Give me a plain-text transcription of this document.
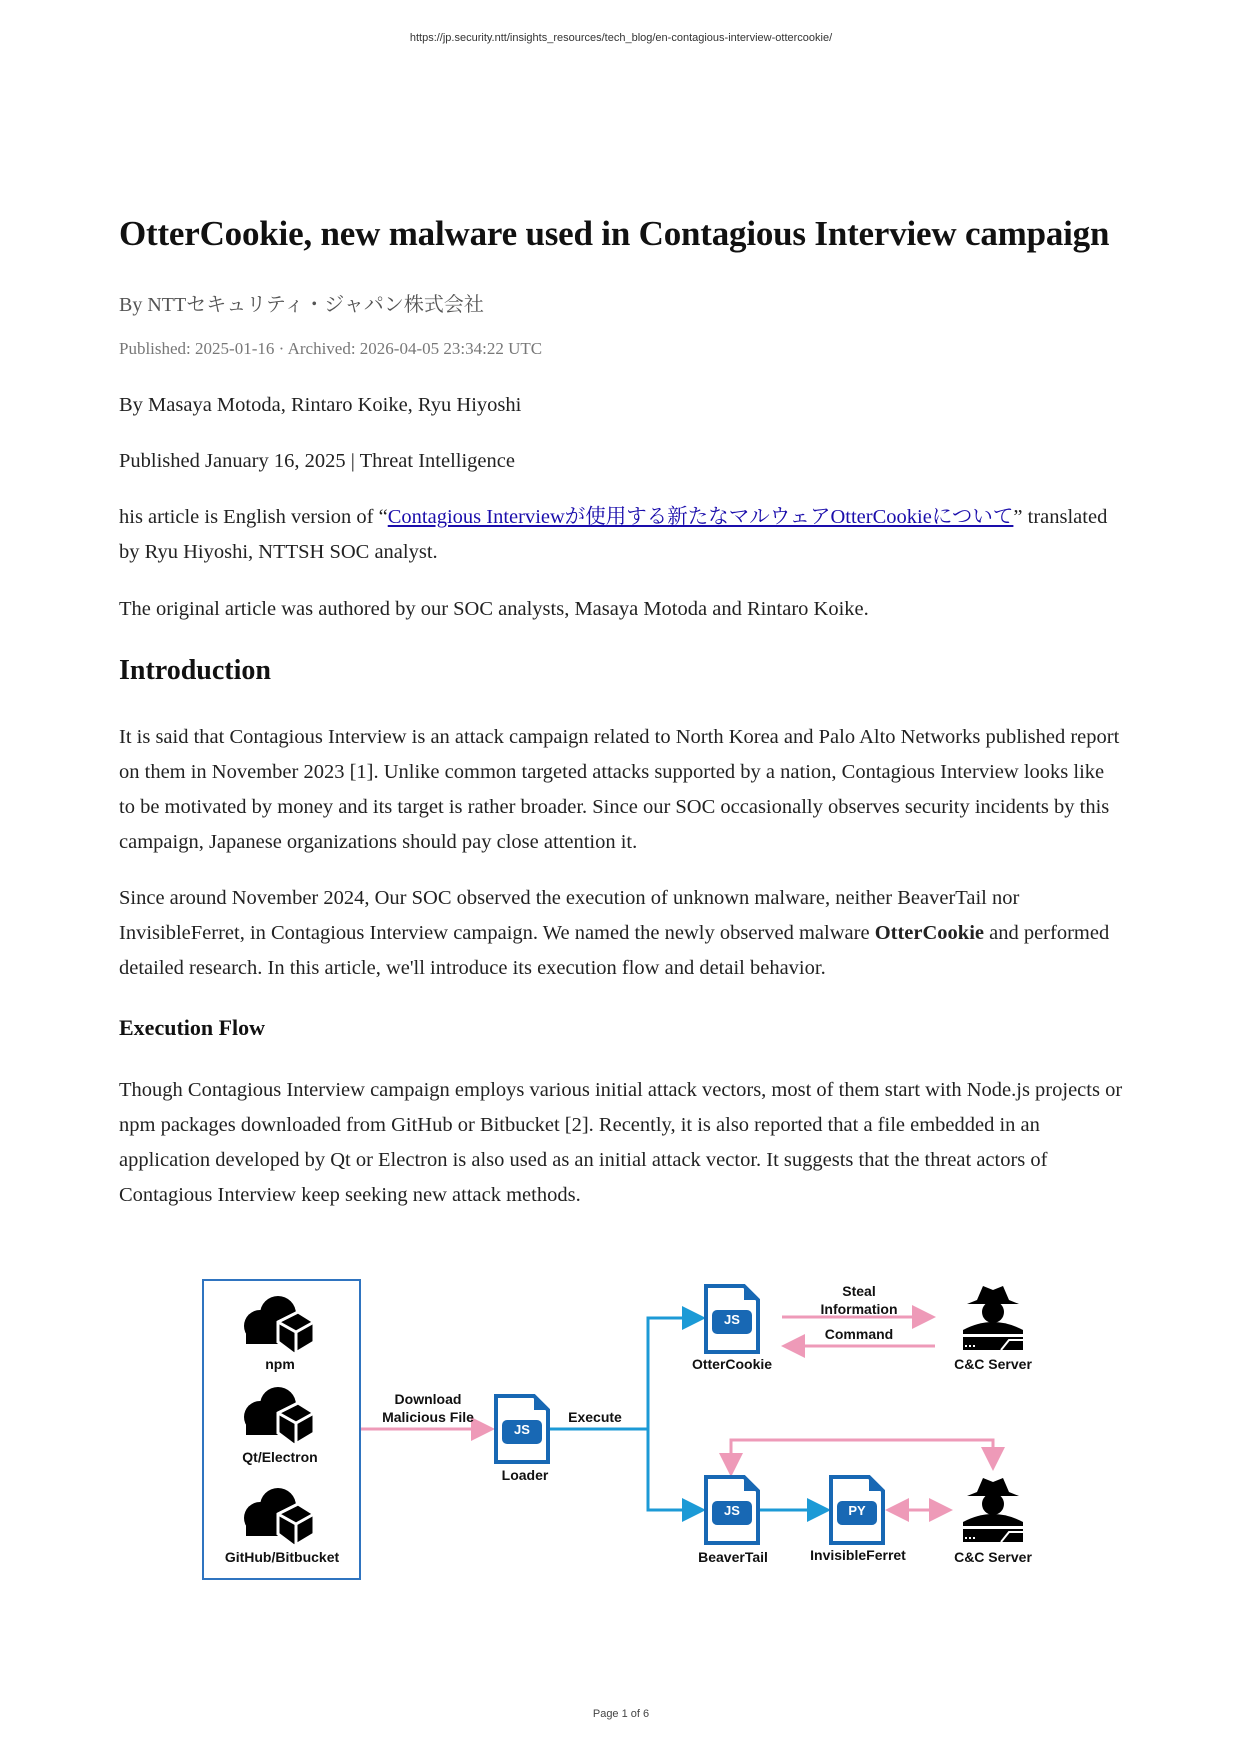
https://jp.security.ntt/insights_resources/tech_blog/en-contagious-interview-ottercookie/
OtterCookie, new malware used in Contagious Interview campaign
By NTTセキュリティ・ジャパン株式会社
Published: 2025-01-16 · Archived: 2026-04-05 23:34:22 UTC

By Masaya Motoda, Rintaro Koike, Ryu Hiyoshi

Published January 16, 2025 | Threat Intelligence

his article is English version of “Contagious Interviewが使用する新たなマルウェアOtterCookieについて” translated by Ryu Hiyoshi, NTTSH SOC analyst.

The original article was authored by our SOC analysts, Masaya Motoda and Rintaro Koike.

Introduction

It is said that Contagious Interview is an attack campaign related to North Korea and Palo Alto Networks published report on them in November 2023 [1]. Unlike common targeted attacks supported by a nation, Contagious Interview looks like to be motivated by money and its target is rather broader. Since our SOC occasionally observes security incidents by this campaign, Japanese organizations should pay close attention it.

Since around November 2024, Our SOC observed the execution of unknown malware, neither BeaverTail nor InvisibleFerret, in Contagious Interview campaign. We named the newly observed malware OtterCookie and performed detailed research. In this article, we'll introduce its execution flow and detail behavior.

Execution Flow

Though Contagious Interview campaign employs various initial attack vectors, most of them start with Node.js projects or npm packages downloaded from GitHub or Bitbucket [2]. Recently, it is also reported that a file embedded in an application developed by Qt or Electron is also used as an initial attack vector. It suggests that the threat actors of Contagious Interview keep seeking new attack methods.

npm
Qt/Electron
GitHub/Bitbucket
Download
Malicious File
JS
Loader
Execute
JS
OtterCookie
Steal
Information
Command
C&C Server
JS
BeaverTail
PY
InvisibleFerret	C&C Server
Page 1 of 6
